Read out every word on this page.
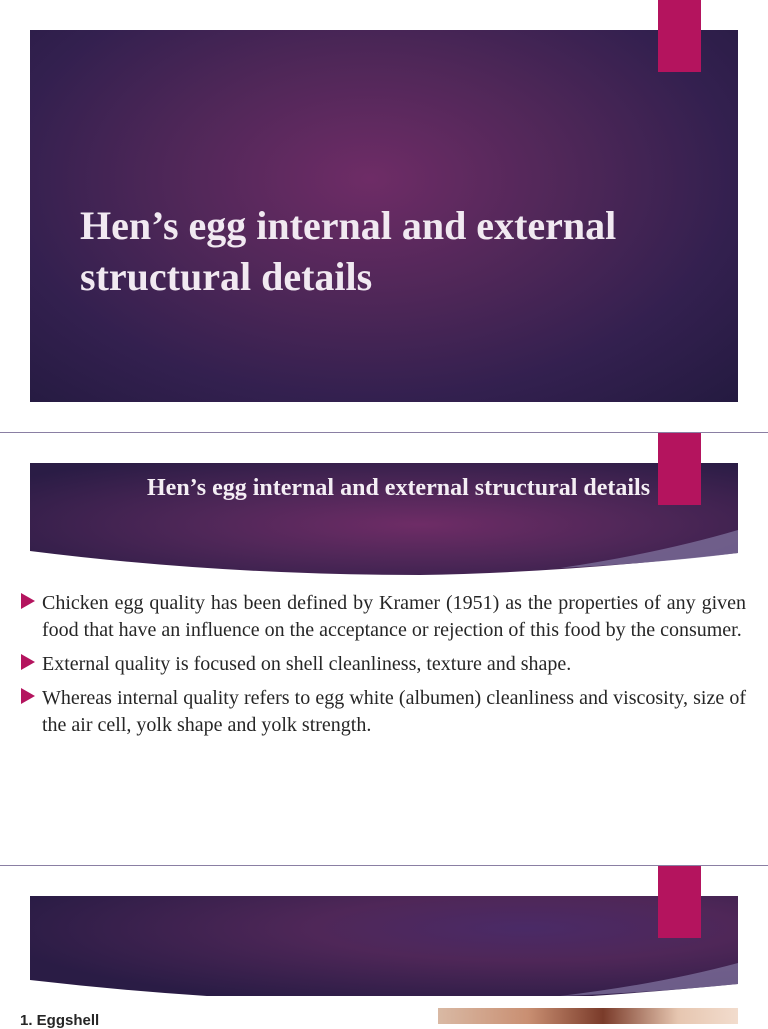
Hen’s egg internal and external structural details
Hen’s egg internal and external structural details
Chicken egg quality has been defined by Kramer (1951) as the properties of any given food that have an influence on the acceptance or rejection of this food by the consumer.
External quality is focused on shell cleanliness, texture and shape.
Whereas internal quality refers to egg white (albumen) cleanliness and viscosity, size of the air cell, yolk shape and yolk strength.
1. Eggshell
